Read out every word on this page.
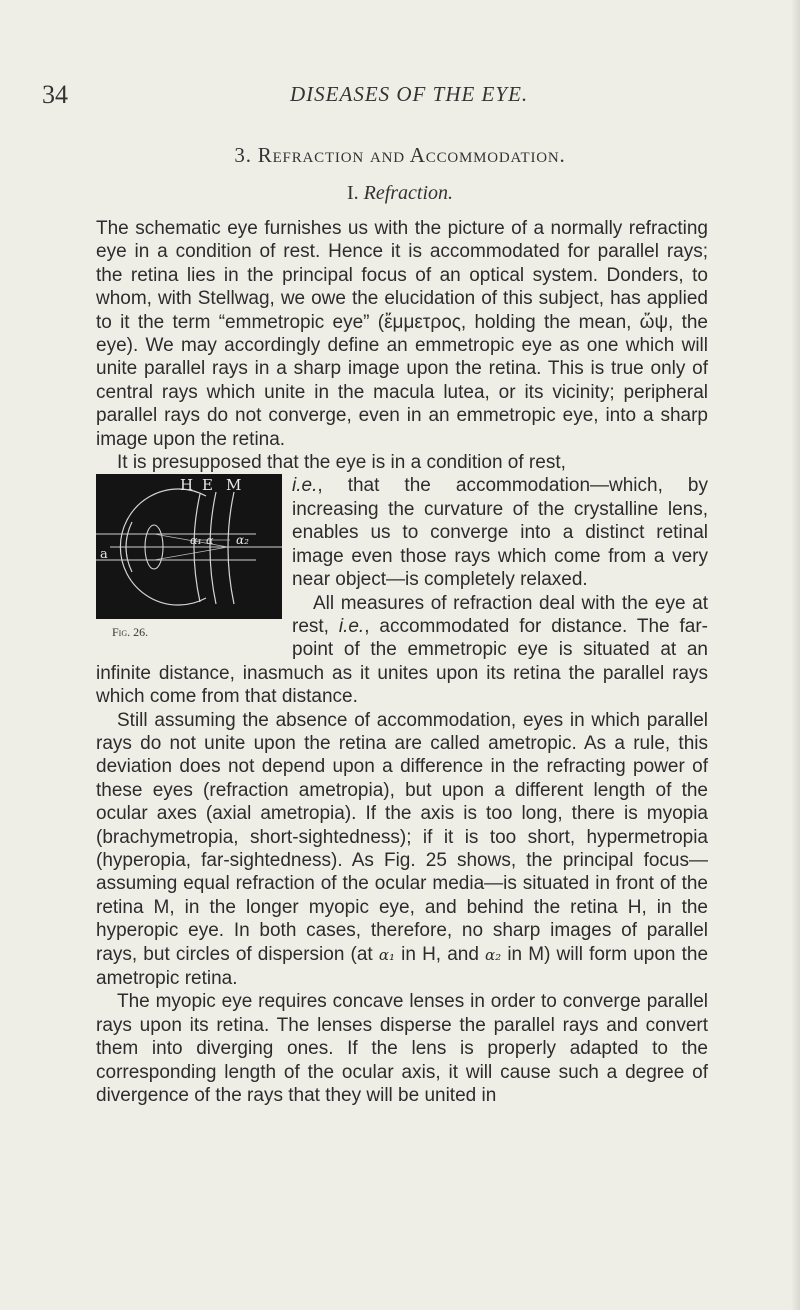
34	DISEASES OF THE EYE.
3. Refraction and Accommodation.
I. Refraction.

The schematic eye furnishes us with the picture of a normally refracting eye in a condition of rest. Hence it is accommodated for parallel rays; the retina lies in the principal focus of an optical system. Donders, to whom, with Stellwag, we owe the elucidation of this subject, has applied to it the term “emmetropic eye” (ἔμμετρος, holding the mean, ὤψ, the eye). We may accordingly define an emmetropic eye as one which will unite parallel rays in a sharp image upon the retina. This is true only of central rays which unite in the macula lutea, or its vicinity; peripheral parallel rays do not converge, even in an emmetropic eye, into a sharp image upon the retina.

It is presupposed that the eye is in a condition of rest,

H E M
a
α₁ α α₂
Fig. 26.

i.e., that the accommodation—which, by increasing the curvature of the crystalline lens, enables us to converge into a distinct retinal image even those rays which come from a very near object—is completely relaxed.

All measures of refraction deal with the eye at rest, i.e., accommodated for distance. The far-point of the emmetropic eye is situated at an infinite distance, inasmuch as it unites upon its retina the parallel rays which come from that distance.

Still assuming the absence of accommodation, eyes in which parallel rays do not unite upon the retina are called ametropic. As a rule, this deviation does not depend upon a difference in the refracting power of these eyes (refraction ametropia), but upon a different length of the ocular axes (axial ametropia). If the axis is too long, there is myopia (brachymetropia, short-sightedness); if it is too short, hypermetropia (hyperopia, far-sightedness). As Fig. 25 shows, the principal focus—assuming equal refraction of the ocular media—is situated in front of the retina M, in the longer myopic eye, and behind the retina H, in the hyperopic eye. In both cases, therefore, no sharp images of parallel rays, but circles of dispersion (at α₁ in H, and α₂ in M) will form upon the ametropic retina.

The myopic eye requires concave lenses in order to converge parallel rays upon its retina. The lenses disperse the parallel rays and convert them into diverging ones. If the lens is properly adapted to the corresponding length of the ocular axis, it will cause such a degree of divergence of the rays that they will be united in
